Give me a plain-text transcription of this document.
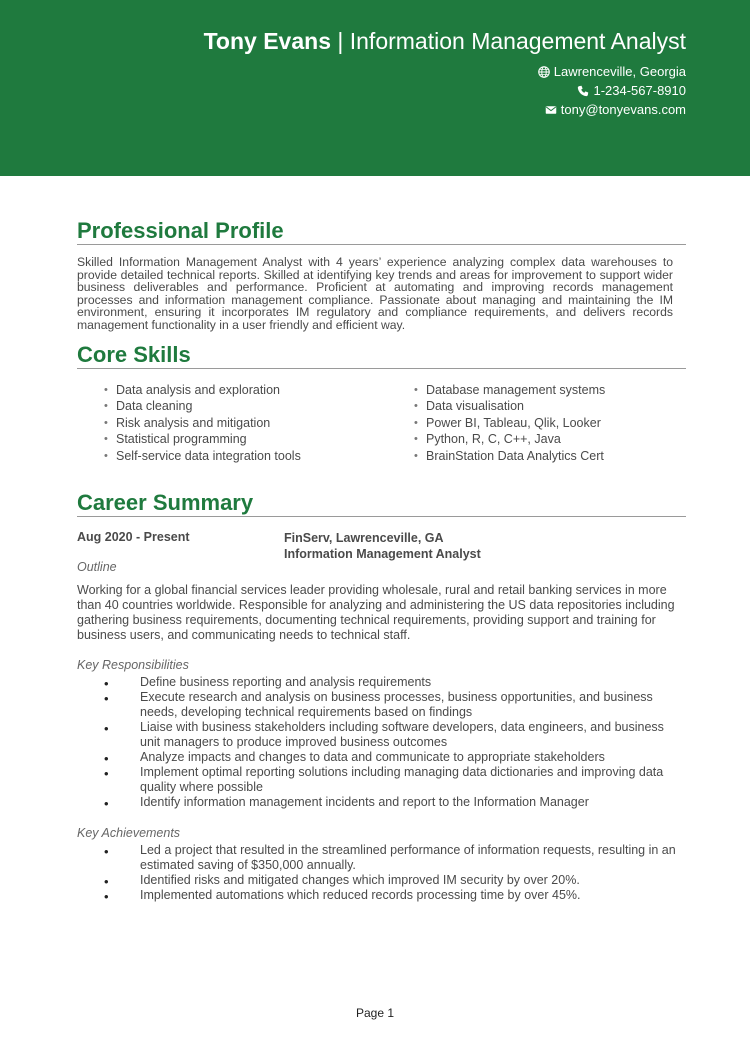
Tony Evans | Information Management Analyst
Lawrenceville, Georgia
1-234-567-8910
tony@tonyevans.com
Professional Profile
Skilled Information Management Analyst with 4 years’ experience analyzing complex data warehouses to provide detailed technical reports. Skilled at identifying key trends and areas for improvement to support wider business deliverables and performance. Proficient at automating and improving records management processes and information management compliance. Passionate about managing and maintaining the IM environment, ensuring it incorporates IM regulatory and compliance requirements, and delivers records management functionality in a user friendly and efficient way.
Core Skills
• Data analysis and exploration
• Data cleaning
• Risk analysis and mitigation
• Statistical programming
• Self-service data integration tools
• Database management systems
• Data visualisation
• Power BI, Tableau, Qlik, Looker
• Python, R, C, C++, Java
• BrainStation Data Analytics Cert
Career Summary
Aug 2020 - Present	FinServ, Lawrenceville, GA
Information Management Analyst
Outline
Working for a global financial services leader providing wholesale, rural and retail banking services in more than 40 countries worldwide. Responsible for analyzing and administering the US data repositories including gathering business requirements, documenting technical requirements, providing support and training for business users, and communicating needs to technical staff.
Key Responsibilities
• Define business reporting and analysis requirements
• Execute research and analysis on business processes, business opportunities, and business needs, developing technical requirements based on findings
• Liaise with business stakeholders including software developers, data engineers, and business unit managers to produce improved business outcomes
• Analyze impacts and changes to data and communicate to appropriate stakeholders
• Implement optimal reporting solutions including managing data dictionaries and improving data quality where possible
• Identify information management incidents and report to the Information Manager
Key Achievements
• Led a project that resulted in the streamlined performance of information requests, resulting in an estimated saving of $350,000 annually.
• Identified risks and mitigated changes which improved IM security by over 20%.
• Implemented automations which reduced records processing time by over 45%.
Page 1
